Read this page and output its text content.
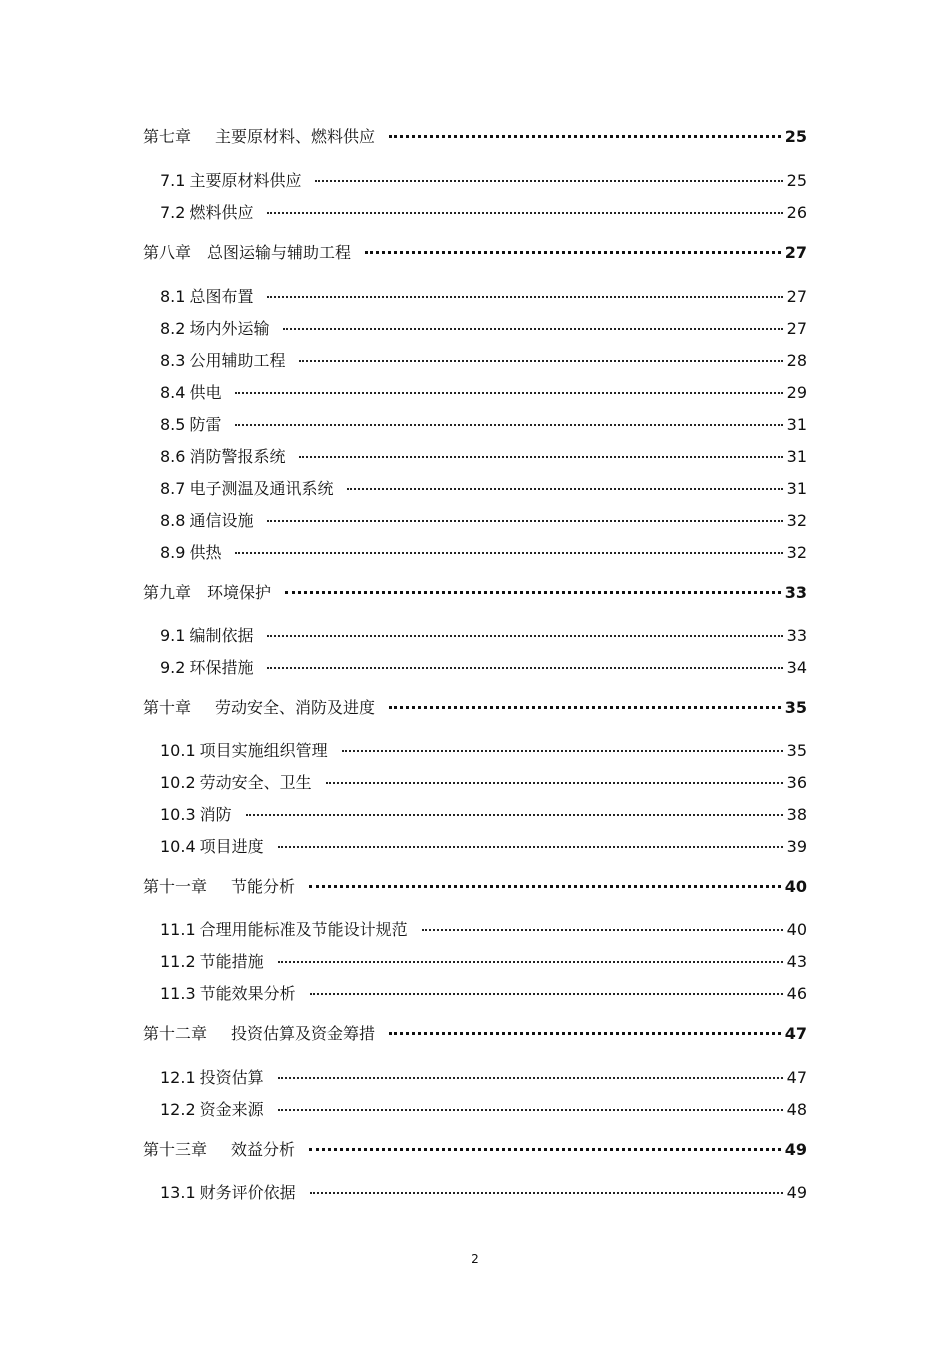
第七章 主要原材料、燃料供应	25
7.1 主要原材料供应	25
7.2 燃料供应	26
第八章 总图运输与辅助工程	27
8.1 总图布置	27
8.2 场内外运输	27
8.3 公用辅助工程	28
8.4 供电	29
8.5 防雷	31
8.6 消防警报系统	31
8.7 电子测温及通讯系统	31
8.8 通信设施	32
8.9 供热	32
第九章 环境保护	33
9.1 编制依据	33
9.2 环保措施	34
第十章 劳动安全、消防及进度	35
10.1 项目实施组织管理	35
10.2 劳动安全、卫生	36
10.3 消防	38
10.4 项目进度	39
第十一章 节能分析	40
11.1 合理用能标准及节能设计规范	40
11.2 节能措施	43
11.3 节能效果分析	46
第十二章 投资估算及资金筹措	47
12.1 投资估算	47
12.2 资金来源	48
第十三章 效益分析	49
13.1 财务评价依据	49
2
